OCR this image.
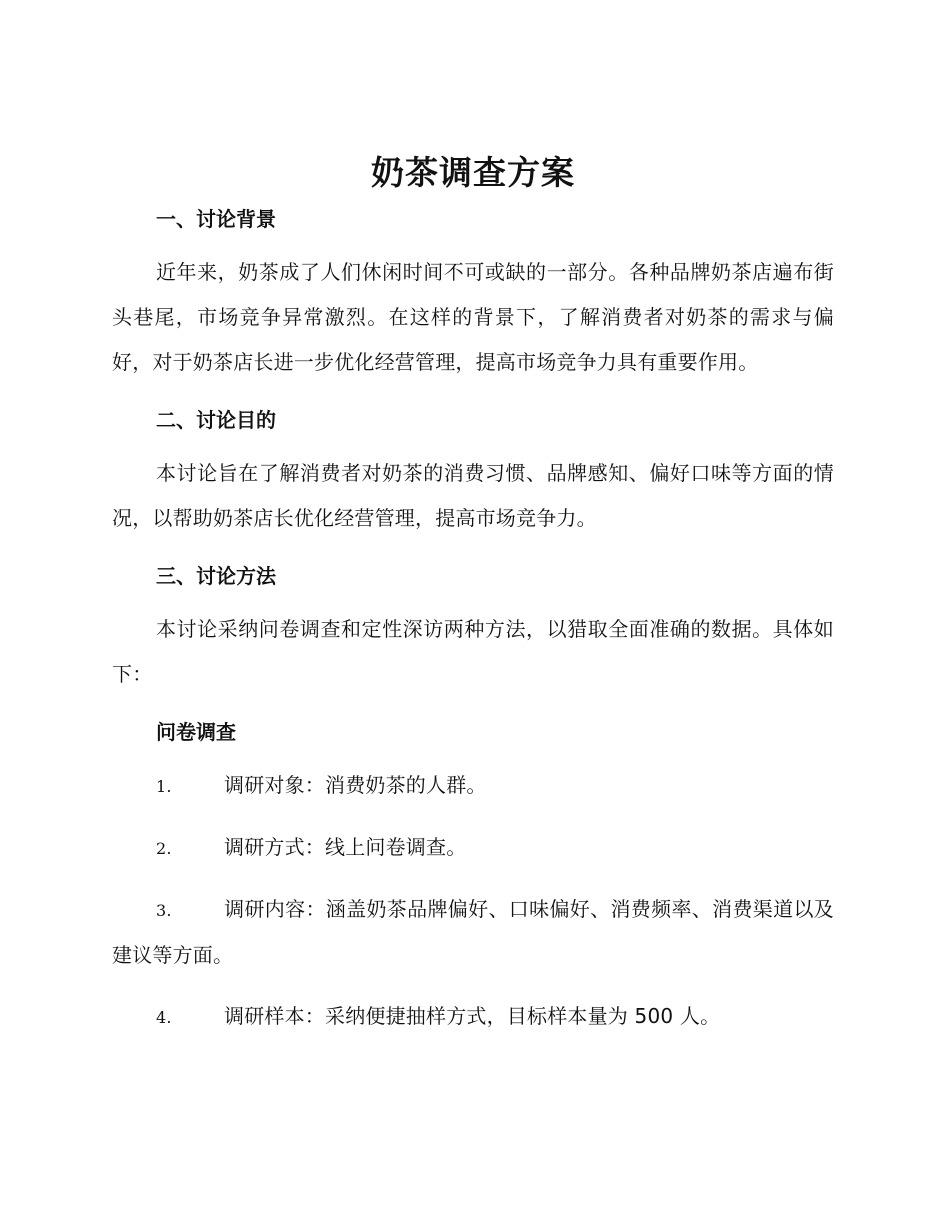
奶茶调查方案
一、讨论背景

近年来，奶茶成了人们休闲时间不可或缺的一部分。各种品牌奶茶店遍布街头巷尾，市场竞争异常激烈。在这样的背景下，了解消费者对奶茶的需求与偏好，对于奶茶店长进一步优化经营管理，提高市场竞争力具有重要作用。

二、讨论目的

本讨论旨在了解消费者对奶茶的消费习惯、品牌感知、偏好口味等方面的情况，以帮助奶茶店长优化经营管理，提高市场竞争力。

三、讨论方法

本讨论采纳问卷调查和定性深访两种方法，以猎取全面准确的数据。具体如下：

问卷调查
1.	调研对象：消费奶茶的人群。
2.	调研方式：线上问卷调查。
3.	调研内容：涵盖奶茶品牌偏好、口味偏好、消费频率、消费渠道以及建议等方面。
4.	调研样本：采纳便捷抽样方式，目标样本量为 500 人。
